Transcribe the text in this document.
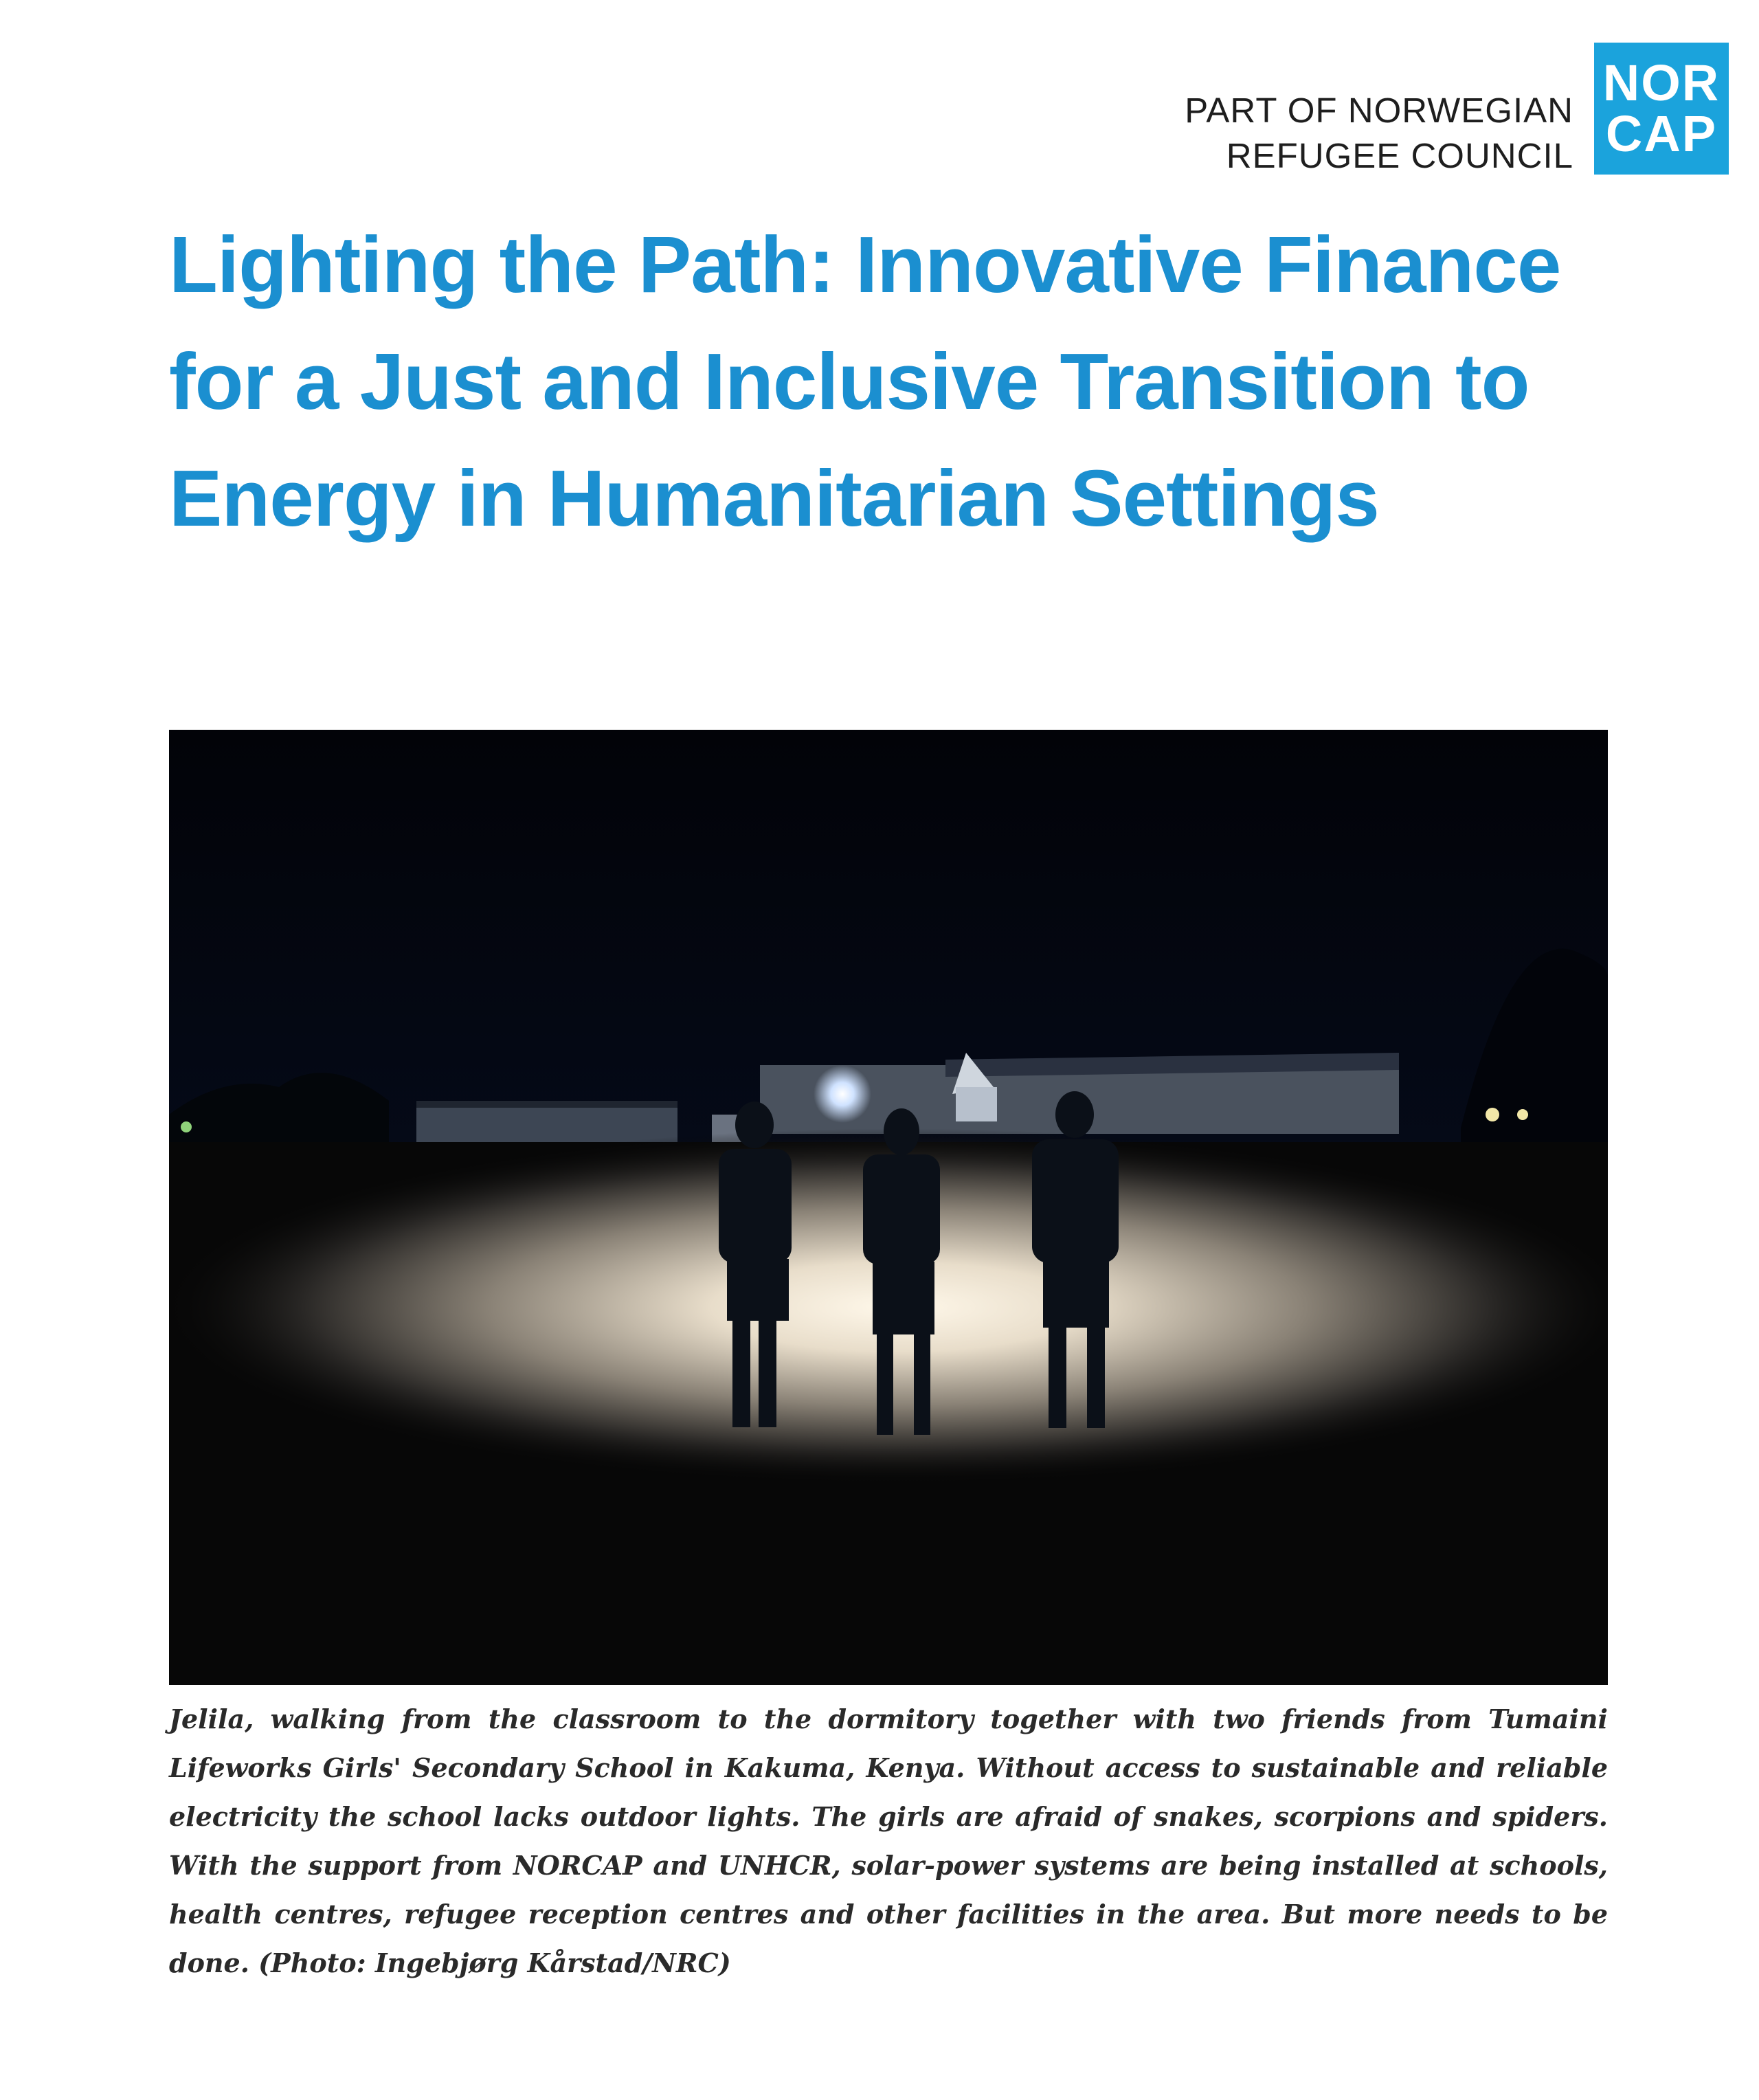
PART OF NORWEGIAN
REFUGEE COUNCIL
NOR
CAP
Lighting the Path: Innovative Finance
for a Just and Inclusive Transition to
Energy in Humanitarian Settings
Jelila, walking from the classroom to the dormitory together with two friends from Tumaini Lifeworks Girls' Secondary School in Kakuma, Kenya. Without access to sustainable and reliable electricity the school lacks outdoor lights. The girls are afraid of snakes, scorpions and spiders. With the support from NORCAP and UNHCR, solar-power systems are being installed at schools, health centres, refugee reception centres and other facilities in the area. But more needs to be done. (Photo: Ingebjørg Kårstad/NRC)
